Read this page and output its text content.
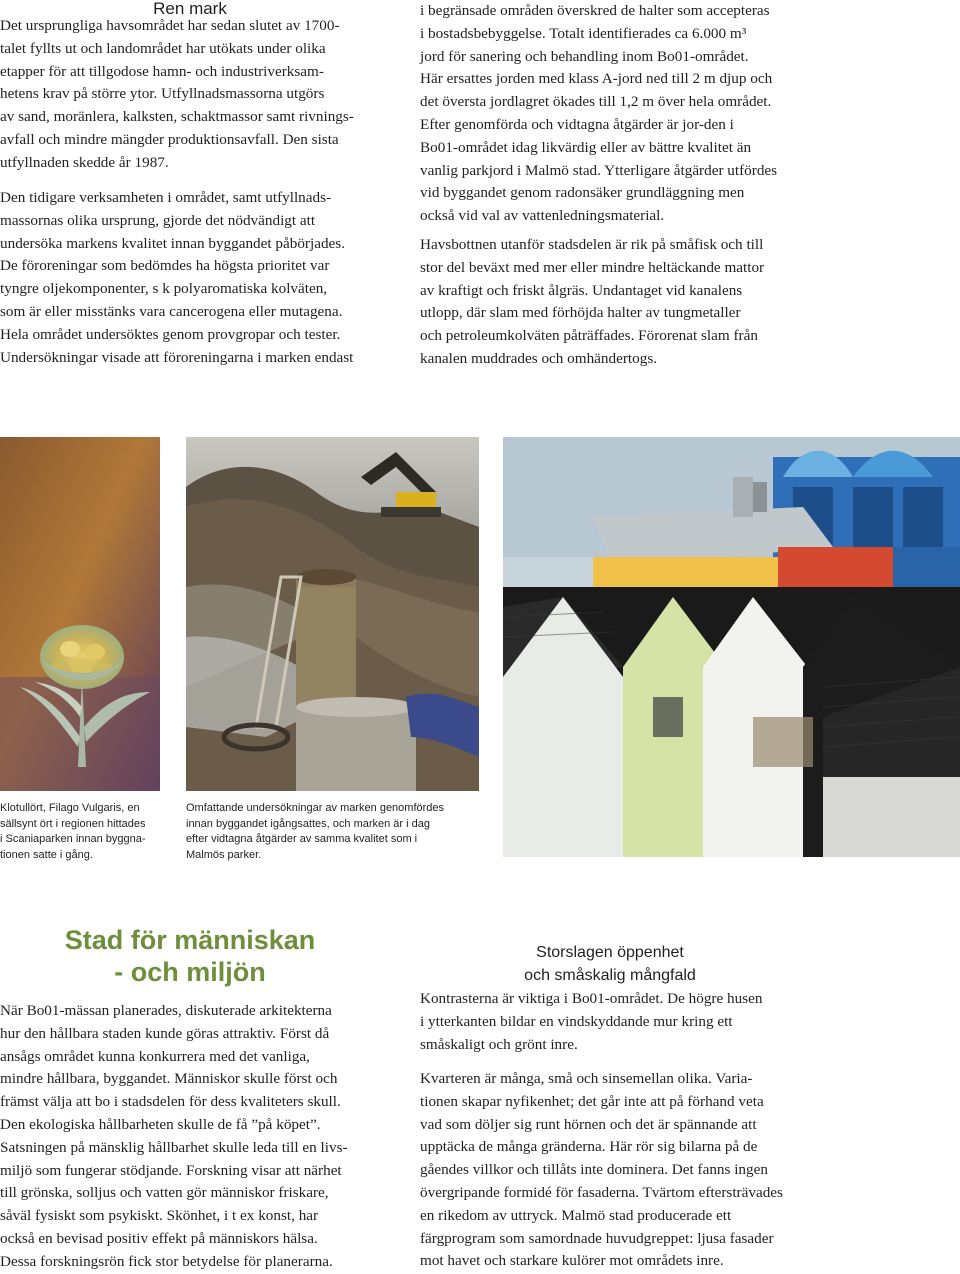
Ren mark
Det ursprungliga havsområdet har sedan slutet av 1700-
talet fyllts ut och landområdet har utökats under olika
etapper för att tillgodose hamn- och industriverksam-
hetens krav på större ytor. Utfyllnadsmassorna utgörs
av sand, moränlera, kalksten, schaktmassor samt rivnings-
avfall och mindre mängder produktionsavfall. Den sista
utfyllnaden skedde år 1987.
Den tidigare verksamheten i området, samt utfyllnads-
massornas olika ursprung, gjorde det nödvändigt att
undersöka markens kvalitet innan byggandet påbörjades.
De föroreningar som bedömdes ha högsta prioritet var
tyngre oljekomponenter, s k polyaromatiska kolväten,
som är eller misstänks vara cancerogena eller mutagena.
Hela området undersöktes genom provgropar och tester.
Undersökningar visade att föroreningarna i marken endast
i begränsade områden överskred de halter som accepteras
i bostadsbebyggelse. Totalt identifierades ca 6.000 m³
jord för sanering och behandling inom Bo01-området.
Här ersattes jorden med klass A-jord ned till 2 m djup och
det översta jordlagret ökades till 1,2 m över hela området.
Efter genomförda och vidtagna åtgärder är jor-den i
Bo01-området idag likvärdig eller av bättre kvalitet än
vanlig parkjord i Malmö stad. Ytterligare åtgärder utfördes
vid byggandet genom radonsäker grundläggning men
också vid val av vattenledningsmaterial.
Havsbottnen utanför stadsdelen är rik på småfisk och till
stor del beväxt med mer eller mindre heltäckande mattor
av kraftigt och friskt ålgräs. Undantaget vid kanalens
utlopp, där slam med förhöjda halter av tungmetaller
och petroleumkolväten påträffades. Förorenat slam från
kanalen muddrades och omhändertogs.
Klotullört, Filago Vulgaris, en
sällsynt ört i regionen hittades
i Scaniaparken innan byggna-
tionen satte i gång.
Omfattande undersökningar av marken genomfördes
innan byggandet igångsattes, och marken är i dag
efter vidtagna åtgärder av samma kvalitet som i
Malmös parker.
Stad för människan
- och miljön
När Bo01-mässan planerades, diskuterade arkitekterna
hur den hållbara staden kunde göras attraktiv. Först då
ansågs området kunna konkurrera med det vanliga,
mindre hållbara, byggandet. Människor skulle först och
främst välja att bo i stadsdelen för dess kvaliteters skull.
Den ekologiska hållbarheten skulle de få ”på köpet”.
Satsningen på mänsklig hållbarhet skulle leda till en livs-
miljö som fungerar stödjande. Forskning visar att närhet
till grönska, solljus och vatten gör människor friskare,
såväl fysiskt som psykiskt. Skönhet, i t ex konst, har
också en bevisad positiv effekt på människors hälsa.
Dessa forskningsrön fick stor betydelse för planerarna.
Storslagen öppenhet
och småskalig mångfald
Kontrasterna är viktiga i Bo01-området. De högre husen
i ytterkanten bildar en vindskyddande mur kring ett
småskaligt och grönt inre.
Kvarteren är många, små och sinsemellan olika. Varia-
tionen skapar nyfikenhet; det går inte att på förhand veta
vad som döljer sig runt hörnen och det är spännande att
upptäcka de många gränderna. Här rör sig bilarna på de
gåendes villkor och tillåts inte dominera. Det fanns ingen
övergripande formidé för fasaderna. Tvärtom eftersträvades
en rikedom av uttryck. Malmö stad producerade ett
färgprogram som samordnade huvudgreppet: ljusa fasader
mot havet och starkare kulörer mot områdets inre.
